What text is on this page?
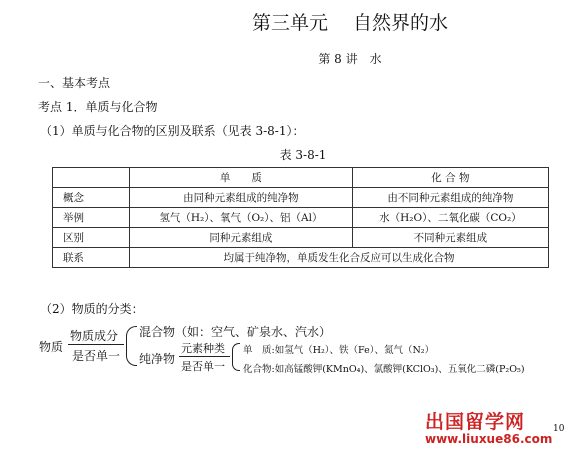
第三单元　 自然界的水
第 8 讲　水
一、基本考点
考点 1．单质与化合物
（1）单质与化合物的区别及联系（见表 3-8-1）：
表 3-8-1
	单　　质	化 合 物
概念	由同种元素组成的纯净物	由不同种元素组成的纯净物
举例	氢气（H₂）、氧气（O₂）、铝（Al）	水（H₂O）、二氧化碳（CO₂）
区别	同种元素组成	不同种元素组成
联系	均属于纯净物，单质发生化合反应可以生成化合物	
（2）物质的分类：
物质
物质成分
是否单一
混合物（如：空气、矿泉水、汽水）
纯净物
元素种类
是否单一
单　质:如氢气（H₂）、铁（Fe）、氮气（N₂）
化合物:如高锰酸钾(KMnO₄)、氯酸钾(KClO₃)、五氧化二磷(P₂O₅)
出国留学网
www.liuxue86.com
10
